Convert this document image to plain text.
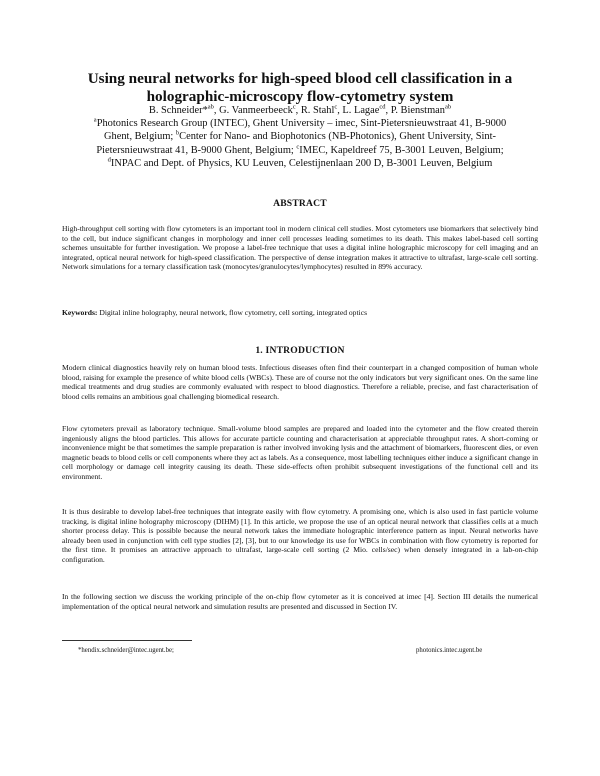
Using neural networks for high-speed blood cell classification in a
holographic-microscopy flow-cytometry system
B. Schneider*$^{ab}$, G. Vanmeerbeeck$^c$, R. Stahl$^c$, L. Lagae$^{cd}$, P. Bienstman$^{ab}$
$^a$Photonics Research Group (INTEC), Ghent University – imec, Sint-Pietersnieuwstraat 41, B-9000
Ghent, Belgium; $^b$Center for Nano- and Biophotonics (NB-Photonics), Ghent University, Sint-
Pietersnieuwstraat 41, B-9000 Ghent, Belgium; $^c$IMEC, Kapeldreef 75, B-3001 Leuven, Belgium;
$^d$INPAC and Dept. of Physics, KU Leuven, Celestijnenlaan 200 D, B-3001 Leuven, Belgium
ABSTRACT
High-throughput cell sorting with flow cytometers is an important tool in modern clinical cell studies. Most cytometers use biomarkers that selectively bind to the cell, but induce significant changes in morphology and inner cell processes leading sometimes to its death. This makes label-based cell sorting schemes unsuitable for further investigation. We propose a label-free technique that uses a digital inline holographic microscopy for cell imaging and an integrated, optical neural network for high-speed classification. The perspective of dense integration makes it attractive to ultrafast, large-scale cell sorting. Network simulations for a ternary classification task (monocytes/granulocytes/lymphocytes) resulted in 89% accuracy.
Keywords: Digital inline holography, neural network, flow cytometry, cell sorting, integrated optics
1. INTRODUCTION
Modern clinical diagnostics heavily rely on human blood tests. Infectious diseases often find their counterpart in a changed composition of human whole blood, raising for example the presence of white blood cells (WBCs). These are of course not the only indicators but very significant ones. On the same line medical treatments and drug studies are commonly evaluated with respect to blood diagnostics. Therefore a reliable, precise, and fast characterisation of blood cells remains an ambitious goal challenging biomedical research.
Flow cytometers prevail as laboratory technique. Small-volume blood samples are prepared and loaded into the cytometer and the flow created therein ingeniously aligns the blood particles. This allows for accurate particle counting and characterisation at appreciable throughput rates. A short-coming or inconvenience might be that sometimes the sample preparation is rather involved invoking lysis and the attachment of biomarkers, fluorescent dies, or even magnetic beads to blood cells or cell components where they act as labels. As a consequence, most labelling techniques either induce a significant change in cell morphology or damage cell integrity causing its death. These side-effects often prohibit subsequent investigations of the functional cell and its environment.
It is thus desirable to develop label-free techniques that integrate easily with flow cytometry. A promising one, which is also used in fast particle volume tracking, is digital inline holography microscopy (DIHM) [1]. In this article, we propose the use of an optical neural network that classifies cells at a much shorter process delay. This is possible because the neural network takes the immediate holographic interference pattern as input. Neural networks have already been used in conjunction with cell type studies [2], [3], but to our knowledge its use for WBCs in combination with flow cytometry is reported for the first time. It promises an attractive approach to ultrafast, large-scale cell sorting (2 Mio. cells/sec) when densely integrated in a lab-on-chip configuration.
In the following section we discuss the working principle of the on-chip flow cytometer as it is conceived at imec [4]. Section III details the numerical implementation of the optical neural network and simulation results are presented and discussed in Section IV.
*hendix.schneider@intec.ugent.be;	photonics.intec.ugent.be
